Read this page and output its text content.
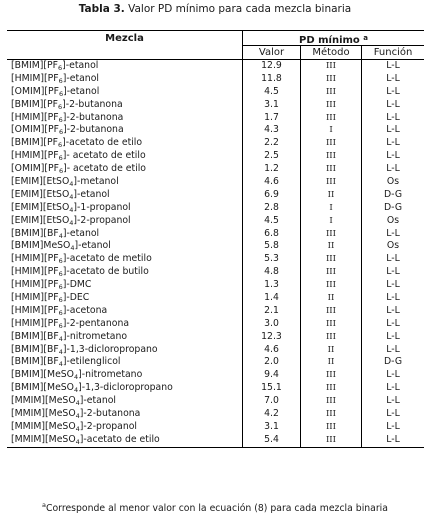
Tabla 3. Valor PD mínimo para cada mezcla binaria
Mezcla	PD mínimo $^a$
Valor	Método	Función
$[BMIM][PF_6]$-etanol	12.9	III	L-L
$[HMIM][PF_6]$-etanol	11.8	III	L-L
$[OMIM][PF_6]$-etanol	4.5	III	L-L
$[BMIM][PF_6]-2$-butanona	3.1	III	L-L
$[HMIM][PF_6]-2$-butanona	1.7	III	L-L
$[OMIM][PF_6]-2$-butanona	4.3	I	L-L
$[BMIM][PF_6]$-acetato de etilo	2.2	III	L-L
$[HMIM][PF_6]-$ acetato de etilo	2.5	III	L-L
$[OMIM][PF_6]-$ acetato de etilo	1.2	III	L-L
[EMIM][EtSO$_4$]-metanol	4.6	III	Os
[EMIM][EtSO$_4$]-etanol	6.9	II	D-G
[EMIM][EtSO$_4$]-1-propanol	2.8	I	D-G
[EMIM][EtSO$_4$]-2-propanol	4.5	I	Os
$[BMIM][BF_4]$-etanol	6.8	III	L-L
[BMIM]MeSO$_4$]-etanol	5.8	II	Os
$[HMIM][PF_6]$-acetato de metilo	5.3	III	L-L
$[HMIM][PF_6]$-acetato de butilo	4.8	III	L-L
$[HMIM][PF_6]$-DMC	1.3	III	L-L
$[HMIM][PF_6]$-DEC	1.4	II	L-L
$[HMIM][PF_6]$-acetona	2.1	III	L-L
$[HMIM][PF_6]-2$-pentanona	3.0	III	L-L
$[BMIM][BF_4]$-nitrometano	12.3	III	L-L
$[BMIM][BF_4]-1,3$-dicloropropano	4.6	II	L-L
$[BMIM][BF_4]$-etilenglicol	2.0	II	D-G
[BMIM][MeSO$_4$]-nitrometano	9.4	III	L-L
[BMIM][MeSO$_4$]-1,3-dicloropropano	15.1	III	L-L
[MMIM][MeSO$_4$]-etanol	7.0	III	L-L
[MMIM][MeSO$_4$]-2-butanona	4.2	III	L-L
[MMIM][MeSO$_4$]-2-propanol	3.1	III	L-L
[MMIM][MeSO$_4$]-acetato de etilo	5.4	III	L-L
$^a$Corresponde al menor valor con la ecuación (8) para cada mezcla binaria
